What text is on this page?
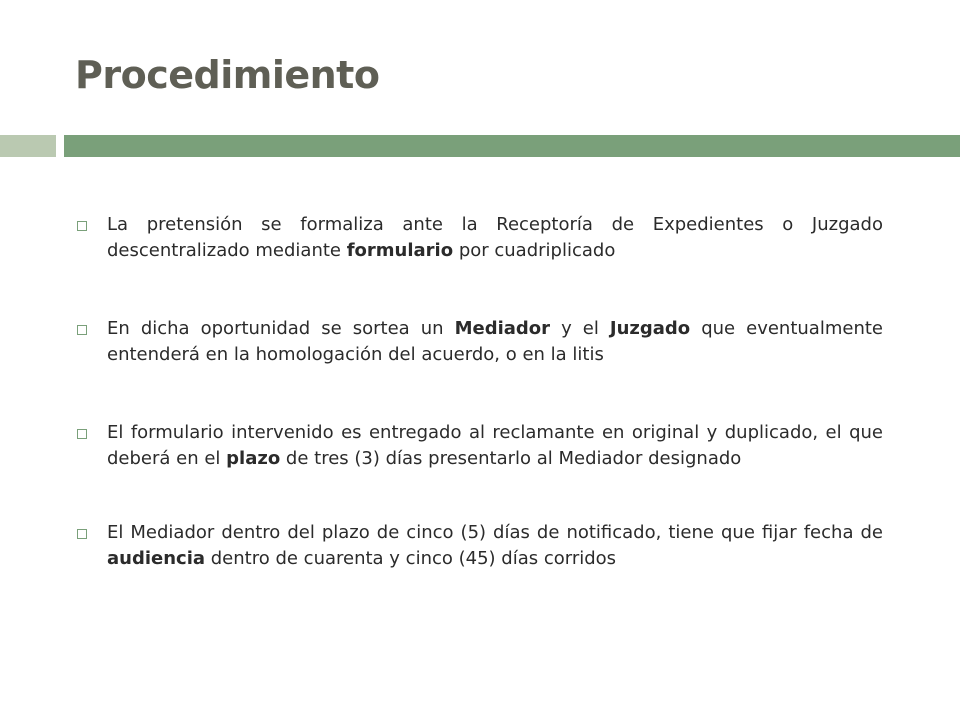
Procedimiento
La pretensión se formaliza ante la Receptoría de Expedientes o Juzgado descentralizado mediante formulario por cuadriplicado
En dicha oportunidad se sortea un Mediador y el Juzgado que eventualmente entenderá en la homologación del acuerdo, o en la litis
El formulario intervenido es entregado al reclamante en original y duplicado, el que deberá en el plazo de tres (3) días presentarlo al Mediador designado
El Mediador dentro del plazo de cinco (5) días de notificado, tiene que fijar fecha de audiencia dentro de cuarenta y cinco (45) días corridos
